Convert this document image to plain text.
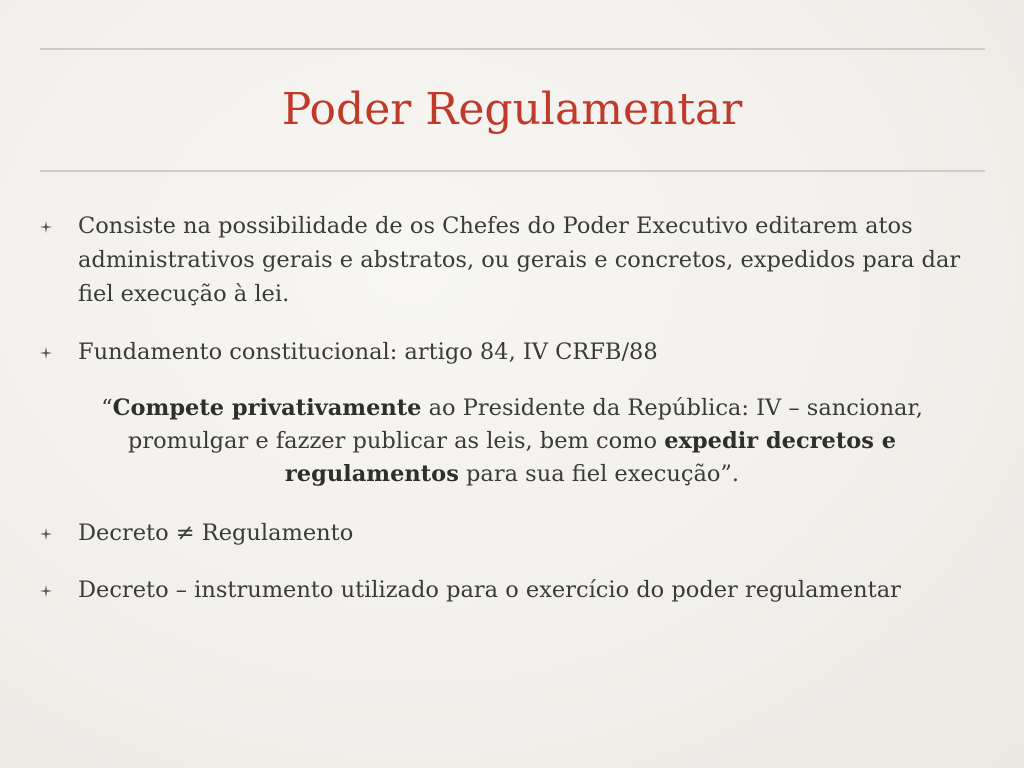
Poder Regulamentar
Consiste na possibilidade de os Chefes do Poder Executivo editarem atos administrativos gerais e abstratos, ou gerais e concretos, expedidos para dar fiel execução à lei.
Fundamento constitucional: artigo 84, IV CRFB/88
“Compete privativamente ao Presidente da República: IV – sancionar, promulgar e fazzer publicar as leis, bem como expedir decretos e regulamentos para sua fiel execução”.
Decreto ≠ Regulamento
Decreto – instrumento utilizado para o exercício do poder regulamentar
